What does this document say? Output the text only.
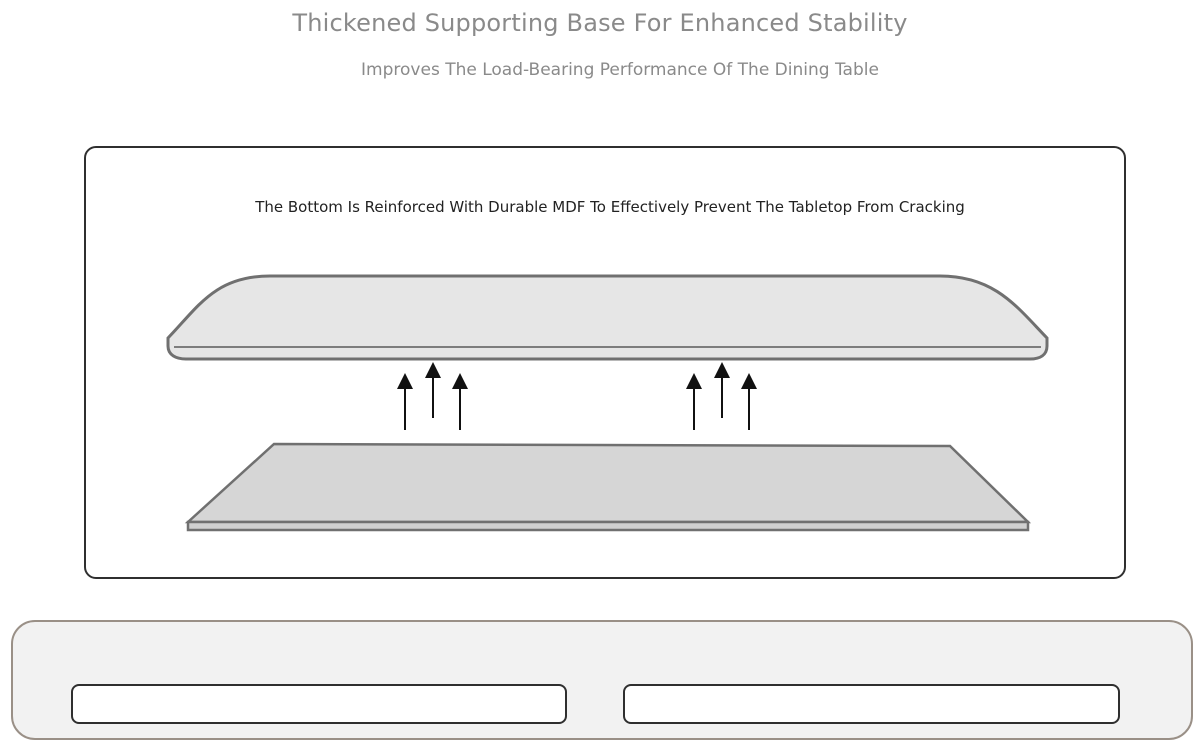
Thickened Supporting Base For Enhanced Stability
Improves The Load-Bearing Performance Of The Dining Table
The Bottom Is Reinforced With Durable MDF To Effectively Prevent The Tabletop From Cracking
